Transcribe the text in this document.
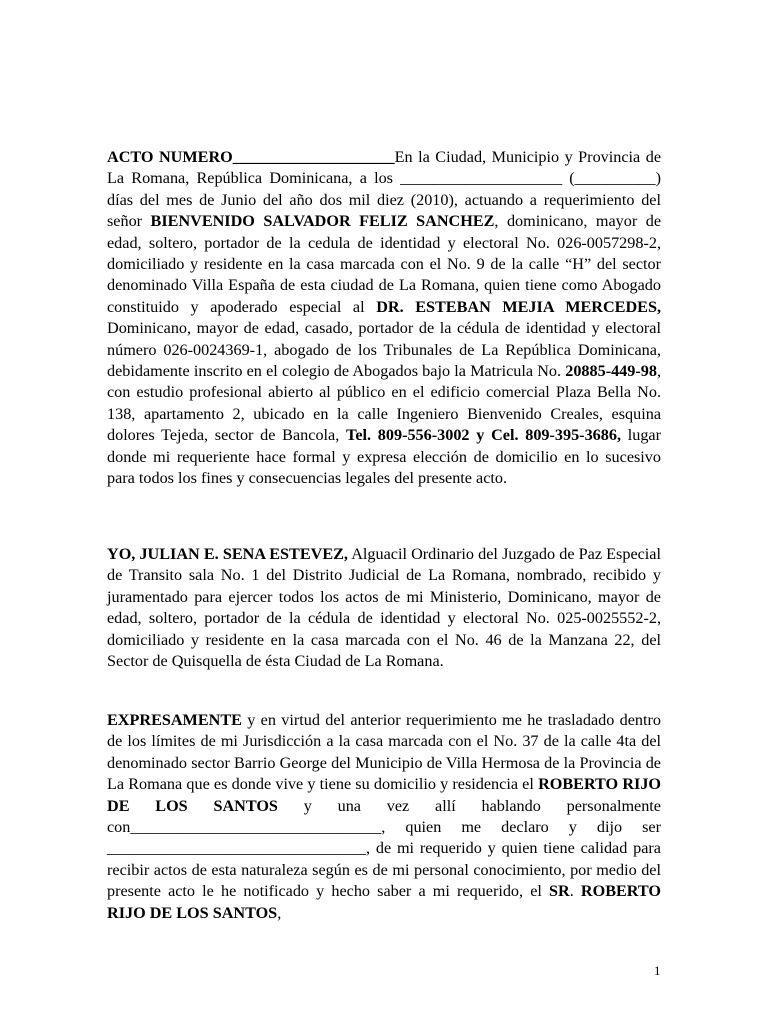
ACTO NUMERO____________________En la Ciudad, Municipio y Provincia de La Romana, República Dominicana, a los ____________________ (__________) días del mes de Junio del año dos mil diez (2010), actuando a requerimiento del señor BIENVENIDO SALVADOR FELIZ SANCHEZ, dominicano, mayor de edad, soltero, portador de la cedula de identidad y electoral No. 026-0057298-2, domiciliado y residente en la casa marcada con el No. 9 de la calle “H” del sector denominado Villa España de esta ciudad de La Romana, quien tiene como Abogado constituido y apoderado especial al DR. ESTEBAN MEJIA MERCEDES, Dominicano, mayor de edad, casado, portador de la cédula de identidad y electoral número 026-0024369-1, abogado de los Tribunales de La República Dominicana, debidamente inscrito en el colegio de Abogados bajo la Matricula No. 20885-449-98, con estudio profesional abierto al público en el edificio comercial Plaza Bella No. 138, apartamento 2, ubicado en la calle Ingeniero Bienvenido Creales, esquina dolores Tejeda, sector de Bancola, Tel. 809-556-3002 y Cel. 809-395-3686, lugar donde mi requeriente hace formal y expresa elección de domicilio en lo sucesivo para todos los fines y consecuencias legales del presente acto.

YO, JULIAN E. SENA ESTEVEZ, Alguacil Ordinario del Juzgado de Paz Especial de Transito sala No. 1 del Distrito Judicial de La Romana, nombrado, recibido y juramentado para ejercer todos los actos de mi Ministerio, Dominicano, mayor de edad, soltero, portador de la cédula de identidad y electoral No. 025-0025552-2, domiciliado y residente en la casa marcada con el No. 46 de la Manzana 22, del Sector de Quisquella de ésta Ciudad de La Romana.

EXPRESAMENTE y en virtud del anterior requerimiento me he trasladado dentro de los límites de mi Jurisdicción a la casa marcada con el No. 37 de la calle 4ta del denominado sector Barrio George del Municipio de Villa Hermosa de la Provincia de La Romana que es donde vive y tiene su domicilio y residencia el ROBERTO RIJO DE LOS SANTOS y una vez allí hablando personalmente con_______________________________, quien me declaro y dijo ser ________________________________, de mi requerido y quien tiene calidad para recibir actos de esta naturaleza según es de mi personal conocimiento, por medio del presente acto le he notificado y hecho saber a mi requerido, el SR. ROBERTO RIJO DE LOS SANTOS,

1
